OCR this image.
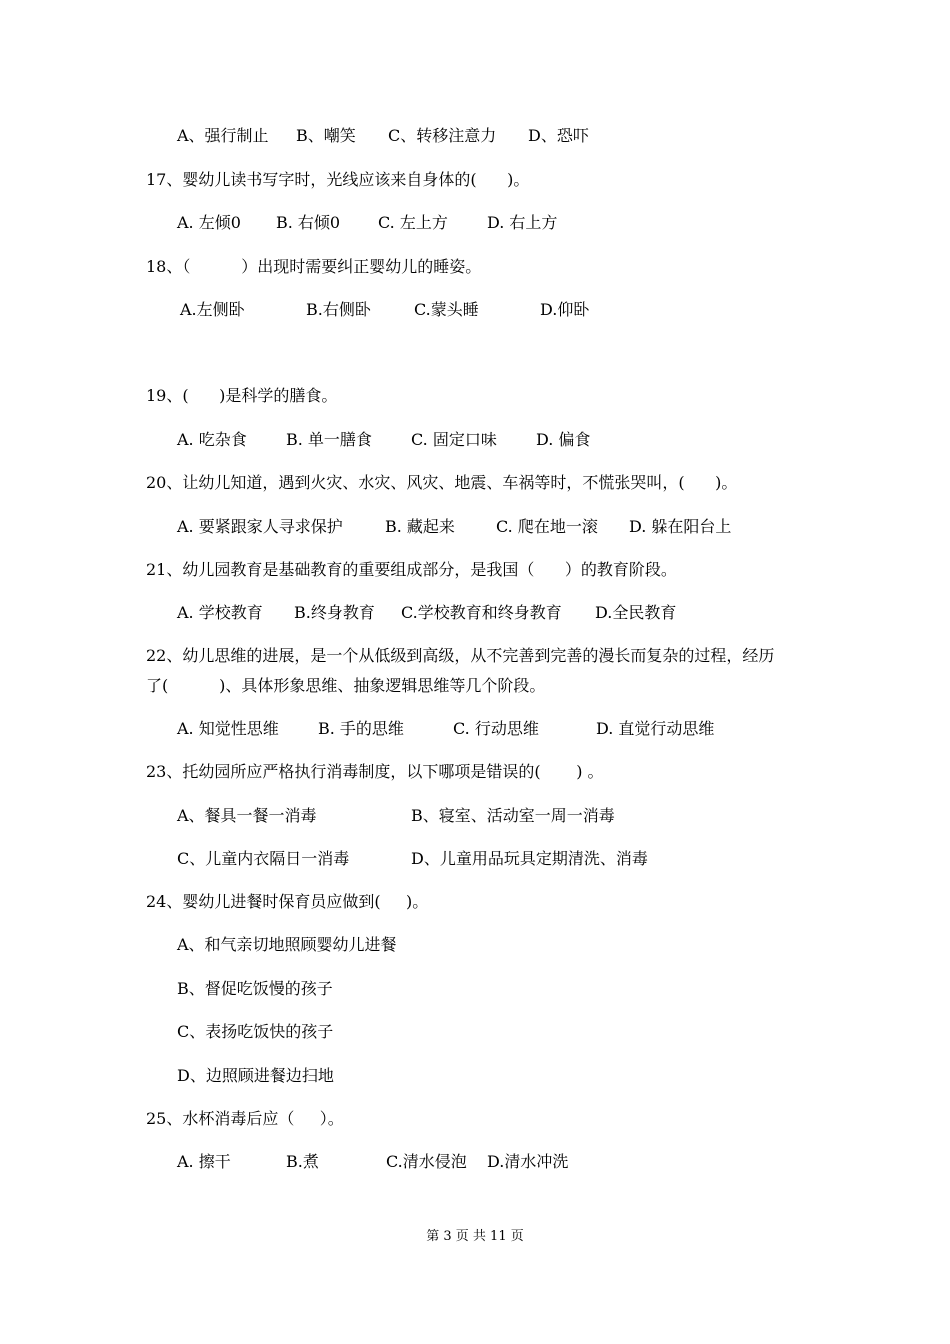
A、强行制止 B、嘲笑 C、转移注意力 D、恐吓
17、婴幼儿读书写字时，光线应该来自身体的(      )。
A. 左倾0 B. 右倾0 C. 左上方 D. 右上方
18、（          ）出现时需要纠正婴幼儿的睡姿。
A.左侧卧	B.右侧卧	C.蒙头睡	D.仰卧
19、(      )是科学的膳食。
A. 吃杂食 B. 单一膳食 C. 固定口味 D. 偏食
20、让幼儿知道，遇到火灾、水灾、风灾、地震、车祸等时，不慌张哭叫，(      )。
A. 要紧跟家人寻求保护	B. 藏起来	C. 爬在地一滚 D. 躲在阳台上
21、幼儿园教育是基础教育的重要组成部分，是我国（      ）的教育阶段。
A. 学校教育 B.终身教育 C.学校教育和终身教育 D.全民教育
22、幼儿思维的进展，是一个从低级到高级，从不完善到完善的漫长而复杂的过程，经历
了(          )、具体形象思维、抽象逻辑思维等几个阶段。
A. 知觉性思维 B. 手的思维	C. 行动思维	D. 直觉行动思维
23、托幼园所应严格执行消毒制度，以下哪项是错误的(       ) 。
A、餐具一餐一消毒	B、寝室、活动室一周一消毒
C、儿童内衣隔日一消毒	D、儿童用品玩具定期清洗、消毒
24、婴幼儿进餐时保育员应做到(     )。
A、和气亲切地照顾婴幼儿进餐
B、督促吃饭慢的孩子
C、表扬吃饭快的孩子
D、边照顾进餐边扫地
25、水杯消毒后应（     ）。
A. 擦干	B.煮	C.清水侵泡 D.清水冲洗
第 3 页 共 11 页
